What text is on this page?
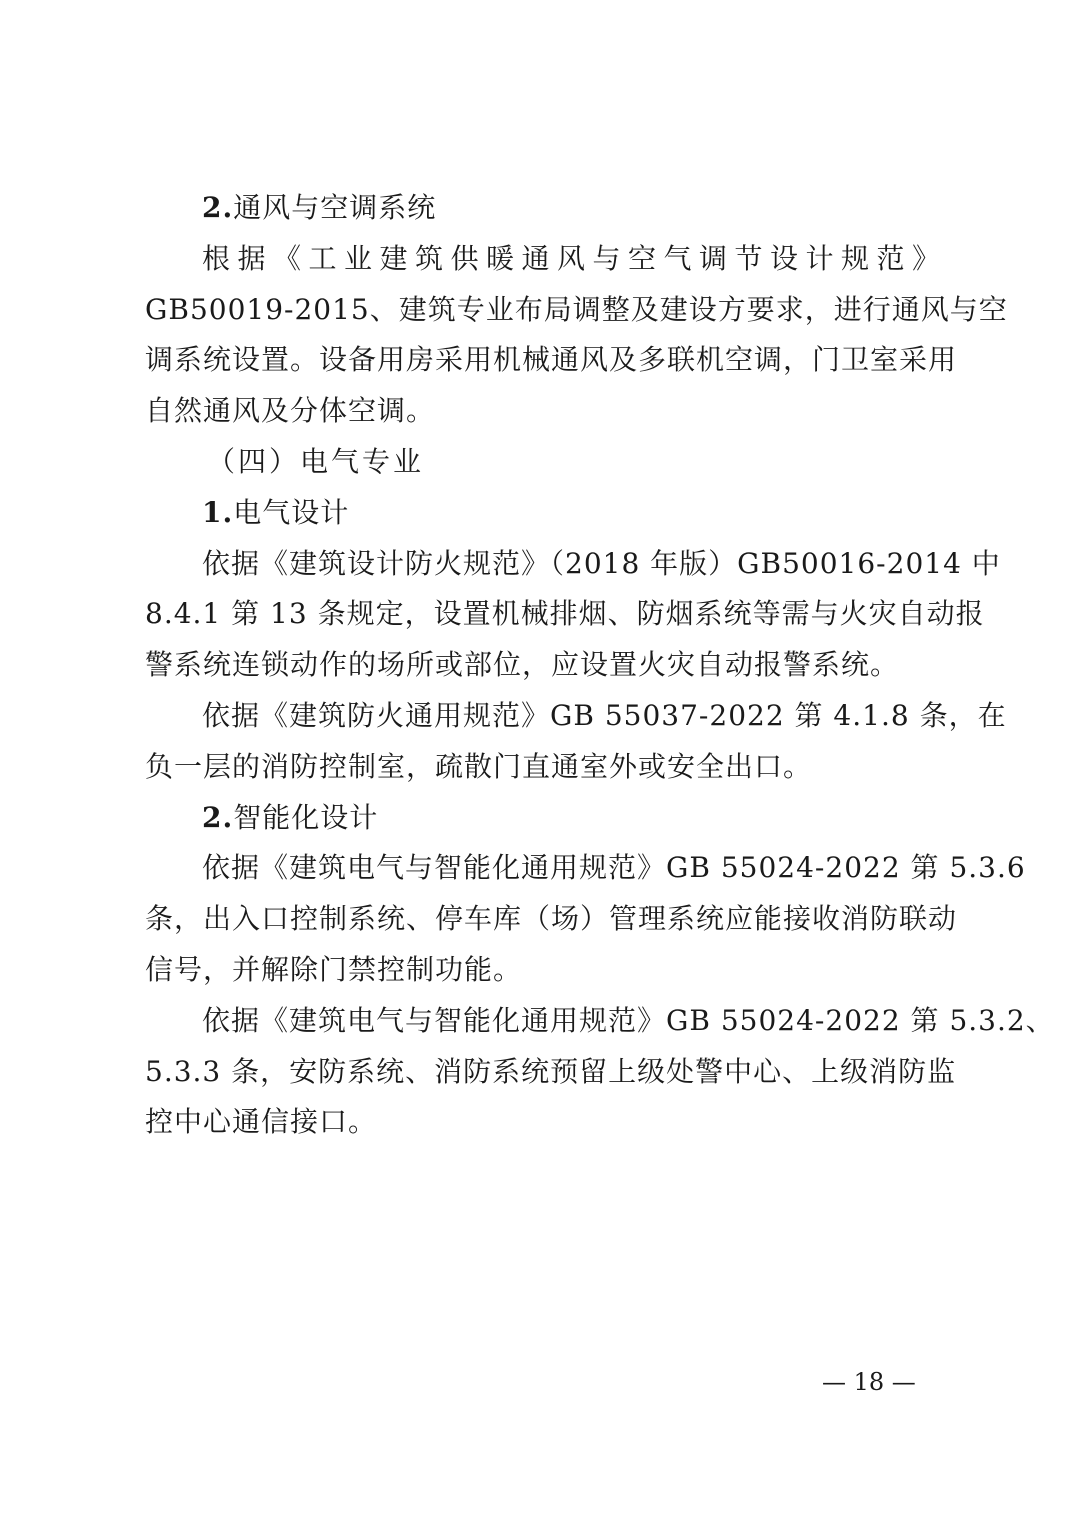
2.通风与空调系统
根据《工业建筑供暖通风与空气调节设计规范》
GB50019-2015、建筑专业布局调整及建设方要求，进行通风与空
调系统设置。设备用房采用机械通风及多联机空调，门卫室采用
自然通风及分体空调。
（四）电气专业
1.电气设计
依据《建筑设计防火规范》（2018 年版）GB50016-2014 中
8.4.1 第 13 条规定，设置机械排烟、防烟系统等需与火灾自动报
警系统连锁动作的场所或部位，应设置火灾自动报警系统。
依据《建筑防火通用规范》GB 55037-2022 第 4.1.8 条，在
负一层的消防控制室，疏散门直通室外或安全出口。
2.智能化设计
依据《建筑电气与智能化通用规范》GB 55024-2022 第 5.3.6
条，出入口控制系统、停车库（场）管理系统应能接收消防联动
信号，并解除门禁控制功能。
依据《建筑电气与智能化通用规范》GB 55024-2022 第 5.3.2、
5.3.3 条，安防系统、消防系统预留上级处警中心、上级消防监
控中心通信接口。
— 18 —
